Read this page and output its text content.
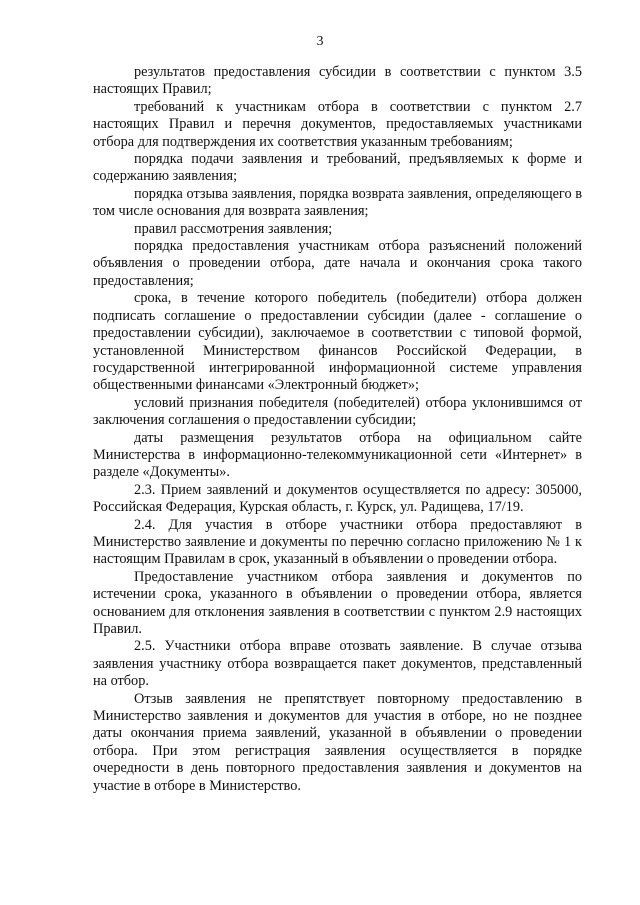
3

результатов предоставления субсидии в соответствии с пунктом 3.5 настоящих Правил;

требований к участникам отбора в соответствии с пунктом 2.7 настоящих Правил и перечня документов, предоставляемых участниками отбора для подтверждения их соответствия указанным требованиям;

порядка подачи заявления и требований, предъявляемых к форме и содержанию заявления;

порядка отзыва заявления, порядка возврата заявления, определяющего в том числе основания для возврата заявления;

правил рассмотрения заявления;

порядка предоставления участникам отбора разъяснений положений объявления о проведении отбора, дате начала и окончания срока такого предоставления;

срока, в течение которого победитель (победители) отбора должен подписать соглашение о предоставлении субсидии (далее - соглашение о предоставлении субсидии), заключаемое в соответствии с типовой формой, установленной Министерством финансов Российской Федерации, в государственной интегрированной информационной системе управления общественными финансами «Электронный бюджет»;

условий признания победителя (победителей) отбора уклонившимся от заключения соглашения о предоставлении субсидии;

даты размещения результатов отбора на официальном сайте Министерства в информационно-телекоммуникационной сети «Интернет» в разделе «Документы».

2.3. Прием заявлений и документов осуществляется по адресу: 305000, Российская Федерация, Курская область, г. Курск, ул. Радищева, 17/19.

2.4. Для участия в отборе участники отбора предоставляют в Министерство заявление и документы по перечню согласно приложению № 1 к настоящим Правилам в срок, указанный в объявлении о проведении отбора.

Предоставление участником отбора заявления и документов по истечении срока, указанного в объявлении о проведении отбора, является основанием для отклонения заявления в соответствии с пунктом 2.9 настоящих Правил.

2.5. Участники отбора вправе отозвать заявление. В случае отзыва заявления участнику отбора возвращается пакет документов, представленный на отбор.

Отзыв заявления не препятствует повторному предоставлению в Министерство заявления и документов для участия в отборе, но не позднее даты окончания приема заявлений, указанной в объявлении о проведении отбора. При этом регистрация заявления осуществляется в порядке очередности в день повторного предоставления заявления и документов на участие в отборе в Министерство.
